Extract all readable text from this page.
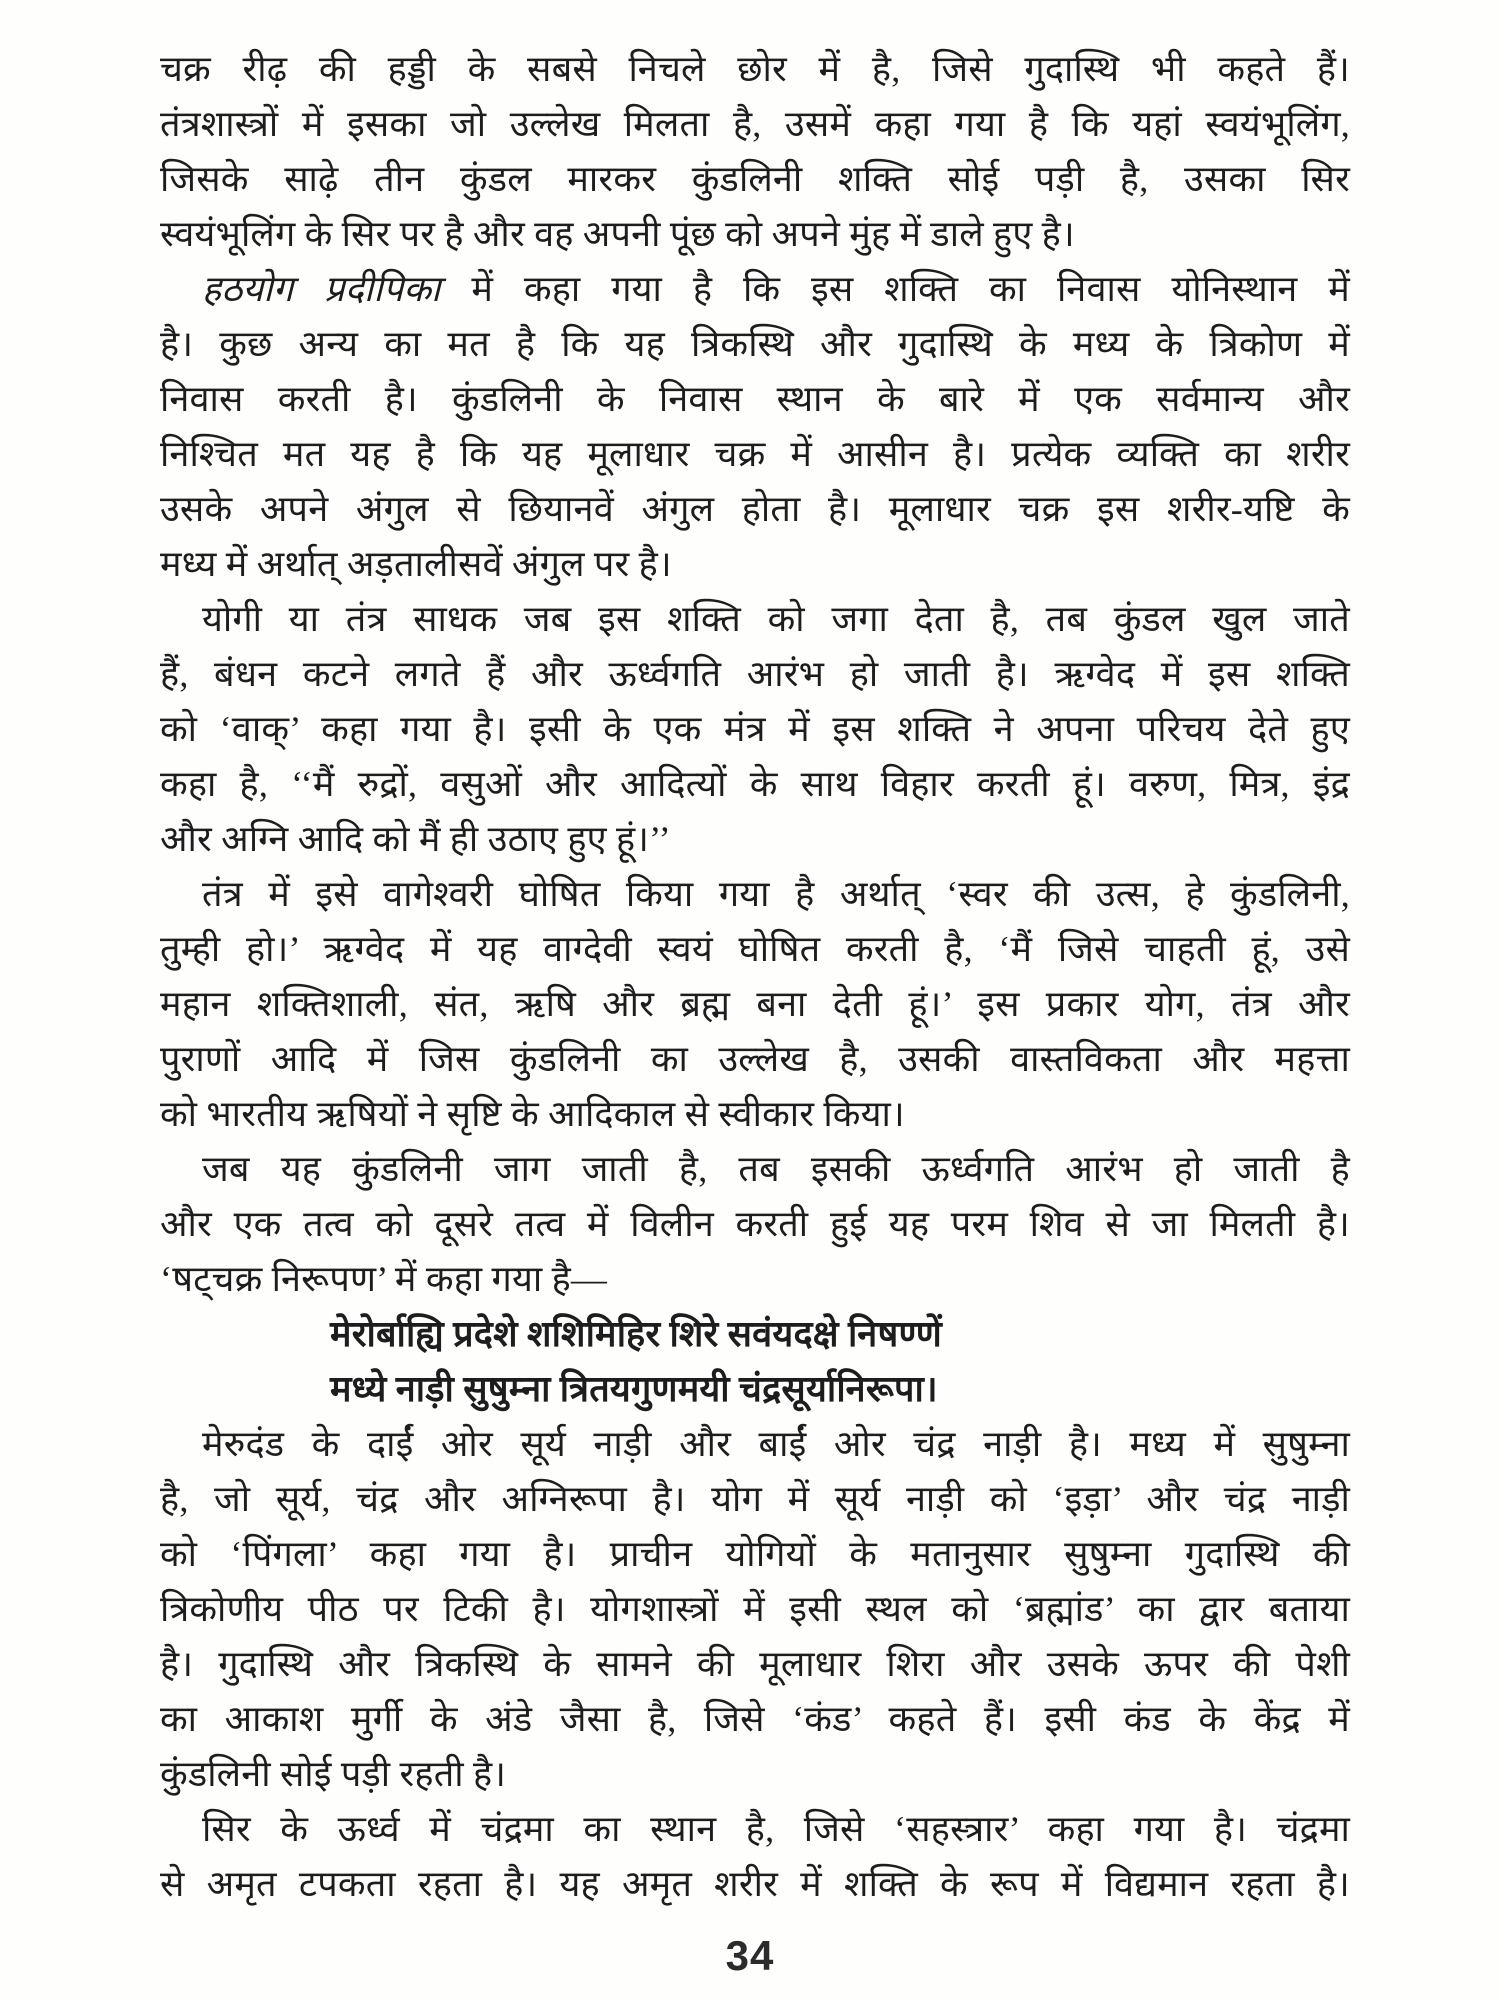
चक्र रीढ़ की हड्डी के सबसे निचले छोर में है, जिसे गुदास्थि भी कहते हैं।
तंत्रशास्त्रों में इसका जो उल्लेख मिलता है, उसमें कहा गया है कि यहां स्वयंभूलिंग,
जिसके साढ़े तीन कुंडल मारकर कुंडलिनी शक्ति सोई पड़ी है, उसका सिर
स्वयंभूलिंग के सिर पर है और वह अपनी पूंछ को अपने मुंह में डाले हुए है।
हठयोग प्रदीपिका में कहा गया है कि इस शक्ति का निवास योनिस्थान में
है। कुछ अन्य का मत है कि यह त्रिकस्थि और गुदास्थि के मध्य के त्रिकोण में
निवास करती है। कुंडलिनी के निवास स्थान के बारे में एक सर्वमान्य और
निश्चित मत यह है कि यह मूलाधार चक्र में आसीन है। प्रत्येक व्यक्ति का शरीर
उसके अपने अंगुल से छियानवें अंगुल होता है। मूलाधार चक्र इस शरीर-यष्टि के
मध्य में अर्थात् अड़तालीसवें अंगुल पर है।
योगी या तंत्र साधक जब इस शक्ति को जगा देता है, तब कुंडल खुल जाते
हैं, बंधन कटने लगते हैं और ऊर्ध्वगति आरंभ हो जाती है। ऋग्वेद में इस शक्ति
को ‘वाक्’ कहा गया है। इसी के एक मंत्र में इस शक्ति ने अपना परिचय देते हुए
कहा है, ‘‘मैं रुद्रों, वसुओं और आदित्यों के साथ विहार करती हूं। वरुण, मित्र, इंद्र
और अग्नि आदि को मैं ही उठाए हुए हूं।’’
तंत्र में इसे वागेश्वरी घोषित किया गया है अर्थात् ‘स्वर की उत्स, हे कुंडलिनी,
तुम्ही हो।’ ऋग्वेद में यह वाग्देवी स्वयं घोषित करती है, ‘मैं जिसे चाहती हूं, उसे
महान शक्तिशाली, संत, ऋषि और ब्रह्म बना देती हूं।’ इस प्रकार योग, तंत्र और
पुराणों आदि में जिस कुंडलिनी का उल्लेख है, उसकी वास्तविकता और महत्ता
को भारतीय ऋषियों ने सृष्टि के आदिकाल से स्वीकार किया।
जब यह कुंडलिनी जाग जाती है, तब इसकी ऊर्ध्वगति आरंभ हो जाती है
और एक तत्व को दूसरे तत्व में विलीन करती हुई यह परम शिव से जा मिलती है।
‘षट्चक्र निरूपण’ में कहा गया है—
मेरोर्बाह्यि प्रदेशे शशिमिहिर शिरे सवंयदक्षे निषण्णें
मध्ये नाड़ी सुषुम्ना त्रितयगुणमयी चंद्रसूर्यानिरूपा।
मेरुदंड के दाईं ओर सूर्य नाड़ी और बाईं ओर चंद्र नाड़ी है। मध्य में सुषुम्ना
है, जो सूर्य, चंद्र और अग्निरूपा है। योग में सूर्य नाड़ी को ‘इड़ा’ और चंद्र नाड़ी
को ‘पिंगला’ कहा गया है। प्राचीन योगियों के मतानुसार सुषुम्ना गुदास्थि की
त्रिकोणीय पीठ पर टिकी है। योगशास्त्रों में इसी स्थल को ‘ब्रह्मांड’ का द्वार बताया
है। गुदास्थि और त्रिकस्थि के सामने की मूलाधार शिरा और उसके ऊपर की पेशी
का आकाश मुर्गी के अंडे जैसा है, जिसे ‘कंड’ कहते हैं। इसी कंड के केंद्र में
कुंडलिनी सोई पड़ी रहती है।
सिर के ऊर्ध्व में चंद्रमा का स्थान है, जिसे ‘सहस्त्रार’ कहा गया है। चंद्रमा
से अमृत टपकता रहता है। यह अमृत शरीर में शक्ति के रूप में विद्यमान रहता है।
34
